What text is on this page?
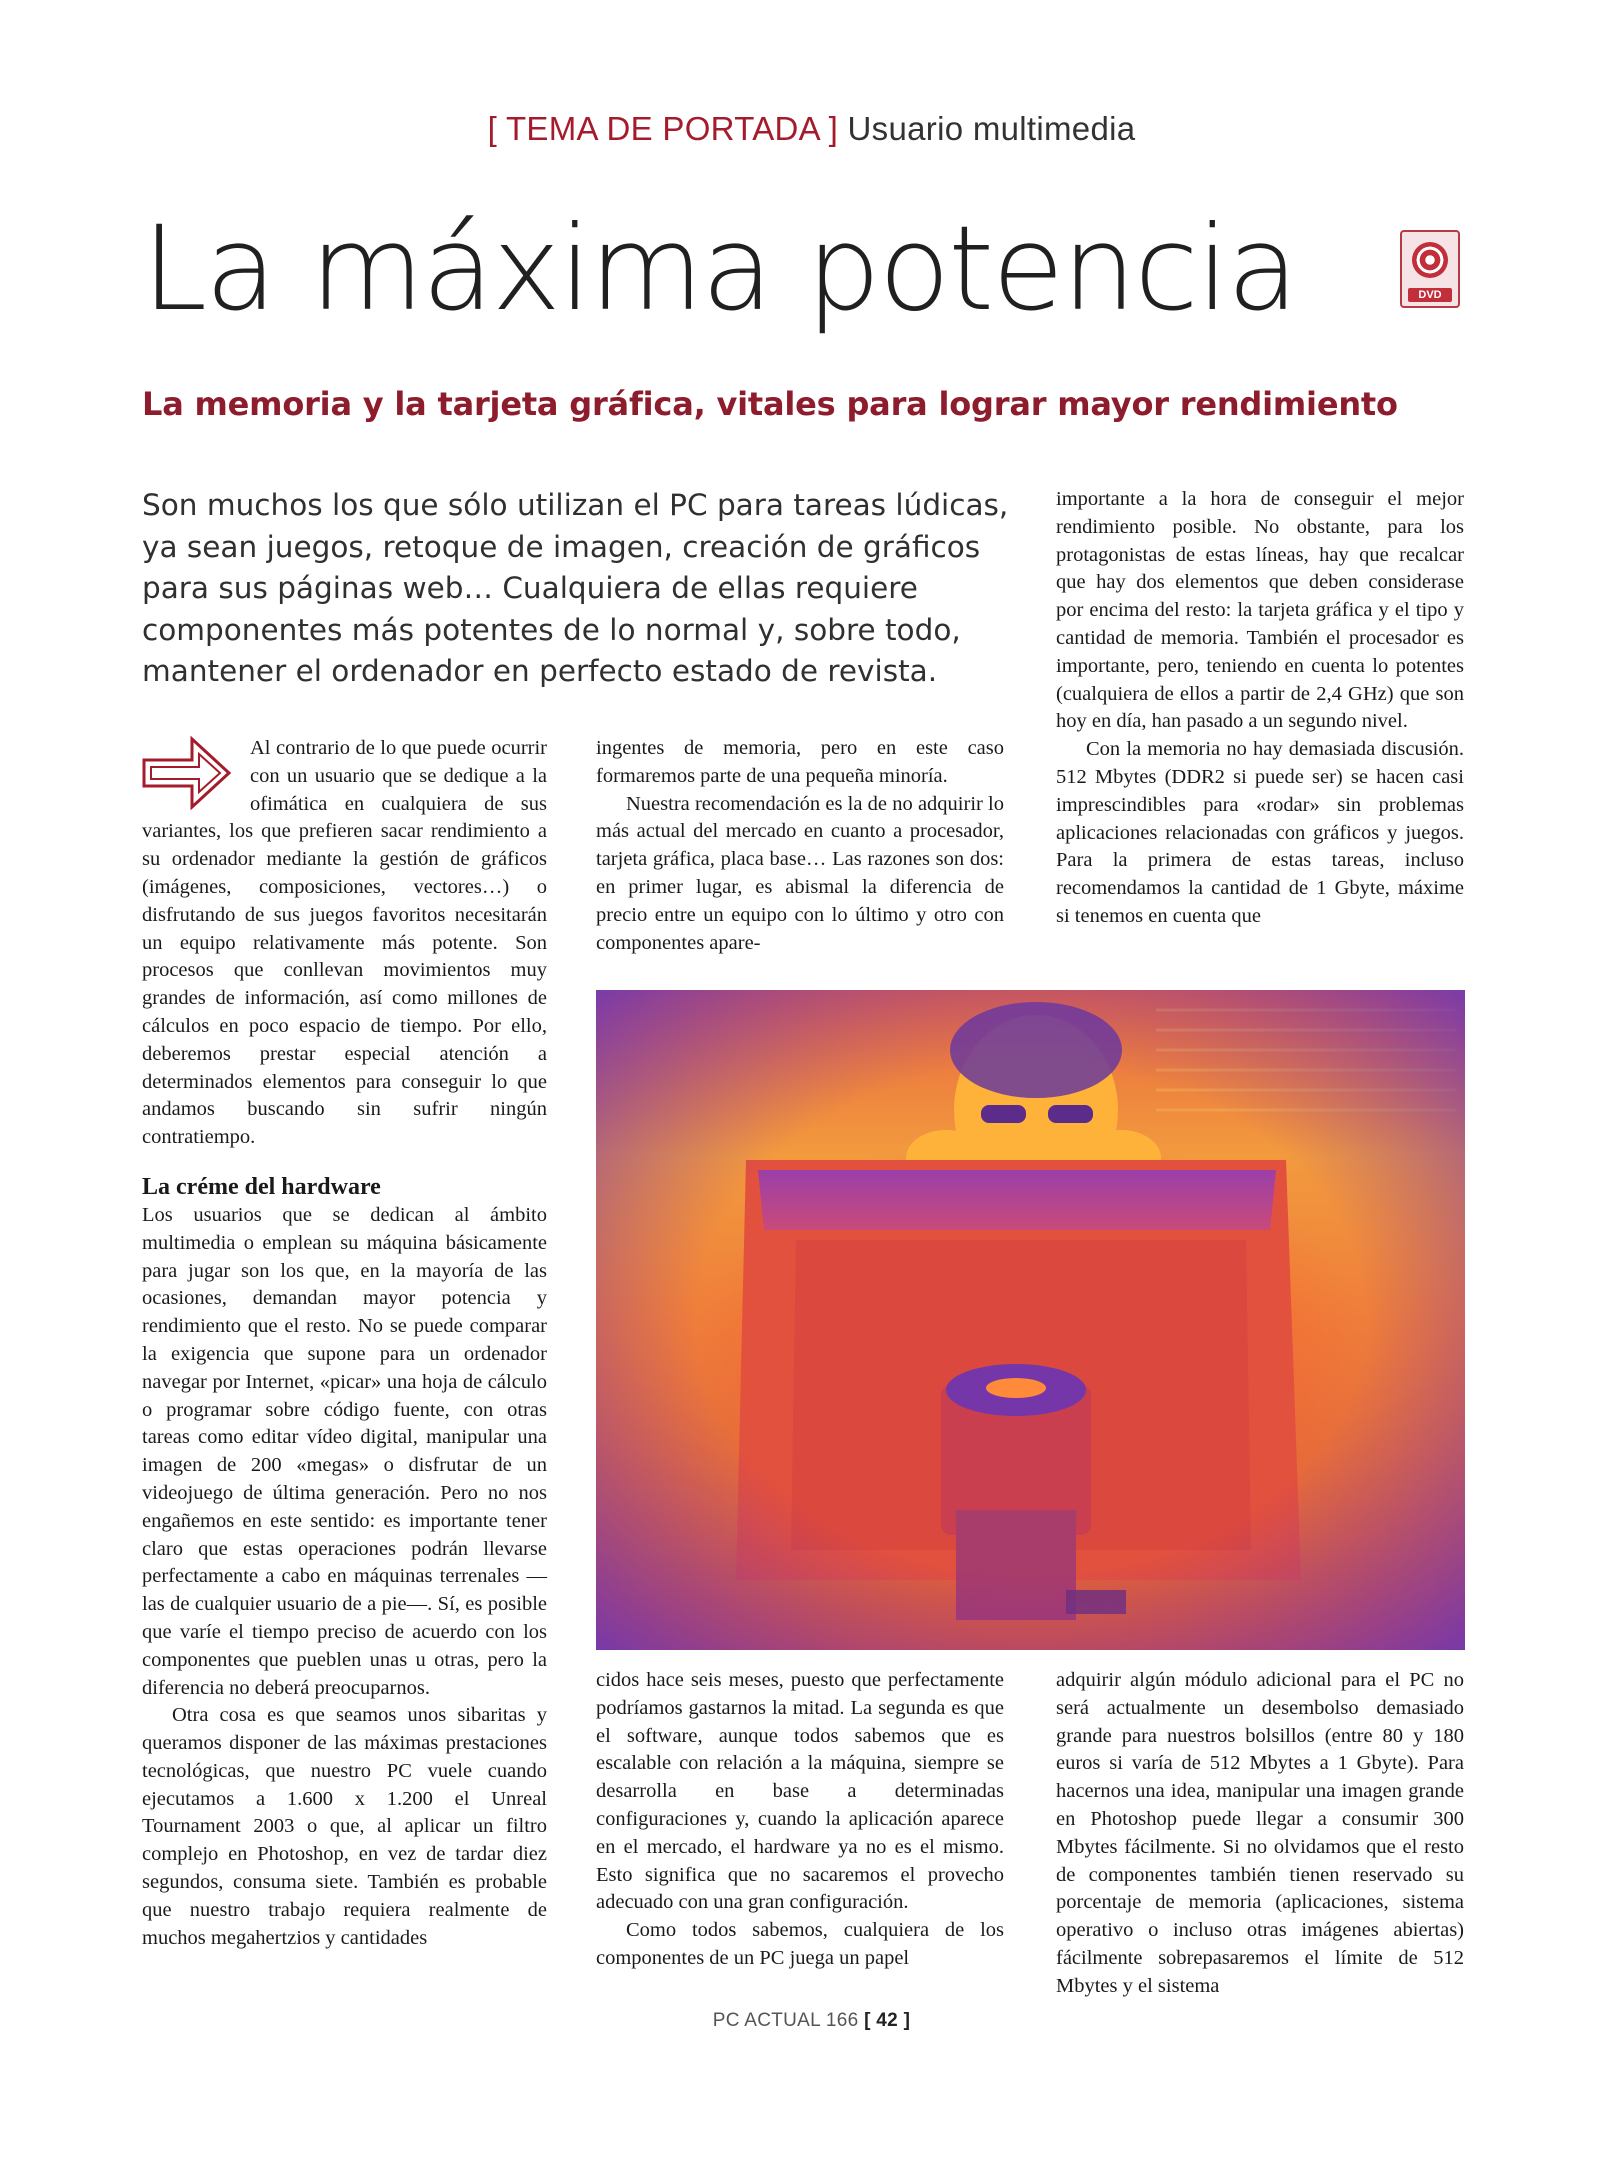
[ TEMA DE PORTADA ] Usuario multimedia
La máxima potencia	DVD
La memoria y la tarjeta gráfica, vitales para lograr mayor rendimiento

Son muchos los que sólo utilizan el PC para tareas lúdicas, ya sean juegos, retoque de imagen, creación de gráficos para sus páginas web… Cualquiera de ellas requiere componentes más potentes de lo normal y, sobre todo, mantener el ordenador en perfecto estado de revista.

Al contrario de lo que puede ocurrir con un usuario que se dedique a la ofimática en cualquiera de sus variantes, los que prefieren sacar rendimiento a su ordenador mediante la gestión de gráficos (imágenes, composiciones, vectores…) o disfrutando de sus juegos favoritos necesitarán un equipo relativamente más potente. Son procesos que conllevan movimientos muy grandes de información, así como millones de cálculos en poco espacio de tiempo. Por ello, deberemos prestar especial atención a determinados elementos para conseguir lo que andamos buscando sin sufrir ningún contratiempo.

La créme del hardware

Los usuarios que se dedican al ámbito multimedia o emplean su máquina básicamente para jugar son los que, en la mayoría de las ocasiones, demandan mayor potencia y rendimiento que el resto. No se puede comparar la exigencia que supone para un ordenador navegar por Internet, «picar» una hoja de cálculo o programar sobre código fuente, con otras tareas como editar vídeo digital, manipular una imagen de 200 «megas» o disfrutar de un videojuego de última generación. Pero no nos engañemos en este sentido: es importante tener claro que estas operaciones podrán llevarse perfectamente a cabo en máquinas terrenales —las de cualquier usuario de a pie—. Sí, es posible que varíe el tiempo preciso de acuerdo con los componentes que pueblen unas u otras, pero la diferencia no deberá preocuparnos.

Otra cosa es que seamos unos sibaritas y queramos disponer de las máximas prestaciones tecnológicas, que nuestro PC vuele cuando ejecutamos a 1.600 x 1.200 el Unreal Tournament 2003 o que, al aplicar un filtro complejo en Photoshop, en vez de tardar diez segundos, consuma siete. También es probable que nuestro trabajo requiera realmente de muchos megahertzios y cantidades

ingentes de memoria, pero en este caso formaremos parte de una pequeña minoría.

Nuestra recomendación es la de no adquirir lo más actual del mercado en cuanto a procesador, tarjeta gráfica, placa base… Las razones son dos: en primer lugar, es abismal la diferencia de precio entre un equipo con lo último y otro con componentes apare-

importante a la hora de conseguir el mejor rendimiento posible. No obstante, para los protagonistas de estas líneas, hay que recalcar que hay dos elementos que deben considerase por encima del resto: la tarjeta gráfica y el tipo y cantidad de memoria. También el procesador es importante, pero, teniendo en cuenta lo potentes (cualquiera de ellos a partir de 2,4 GHz) que son hoy en día, han pasado a un segundo nivel.

Con la memoria no hay demasiada discusión. 512 Mbytes (DDR2 si puede ser) se hacen casi imprescindibles para «rodar» sin problemas aplicaciones relacionadas con gráficos y juegos. Para la primera de estas tareas, incluso recomendamos la cantidad de 1 Gbyte, máxime si tenemos en cuenta que

cidos hace seis meses, puesto que perfectamente podríamos gastarnos la mitad. La segunda es que el software, aunque todos sabemos que es escalable con relación a la máquina, siempre se desarrolla en base a determinadas configuraciones y, cuando la aplicación aparece en el mercado, el hardware ya no es el mismo. Esto significa que no sacaremos el provecho adecuado con una gran configuración.

Como todos sabemos, cualquiera de los componentes de un PC juega un papel

adquirir algún módulo adicional para el PC no será actualmente un desembolso demasiado grande para nuestros bolsillos (entre 80 y 180 euros si varía de 512 Mbytes a 1 Gbyte). Para hacernos una idea, manipular una imagen grande en Photoshop puede llegar a consumir 300 Mbytes fácilmente. Si no olvidamos que el resto de componentes también tienen reservado su porcentaje de memoria (aplicaciones, sistema operativo o incluso otras imágenes abiertas) fácilmente sobrepasaremos el límite de 512 Mbytes y el sistema

PC ACTUAL 166 [ 42 ]
